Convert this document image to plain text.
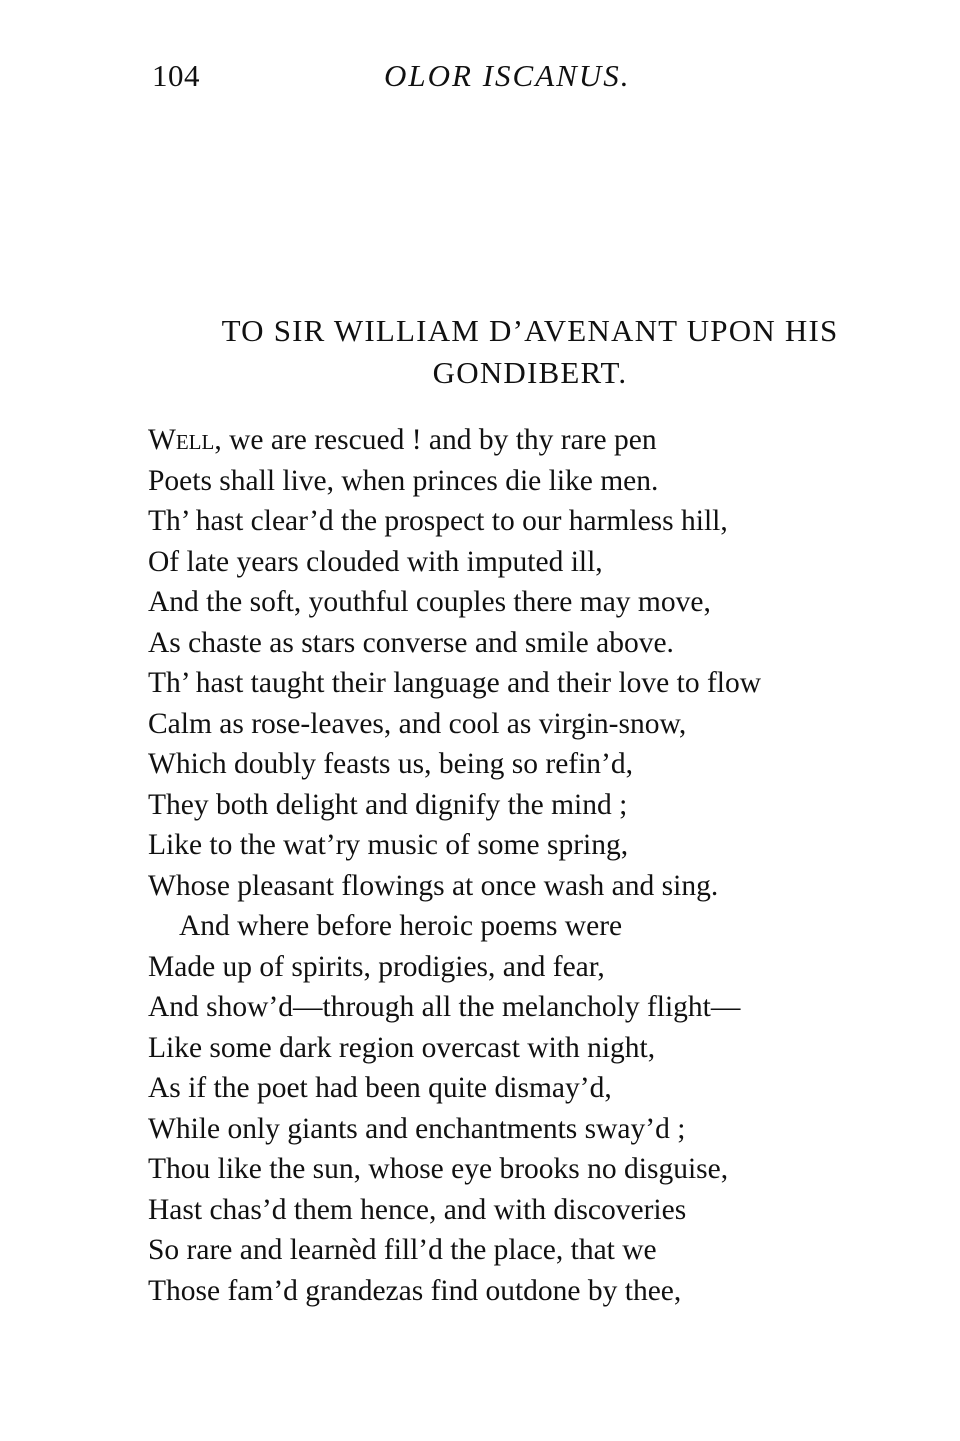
104	OLOR ISCANUS.
TO SIR WILLIAM D’AVENANT UPON HIS
GONDIBERT.
Well, we are rescued ! and by thy rare pen
Poets shall live, when princes die like men.
Th’ hast clear’d the prospect to our harmless hill,
Of late years clouded with imputed ill,
And the soft, youthful couples there may move,
As chaste as stars converse and smile above.
Th’ hast taught their language and their love to flow
Calm as rose-leaves, and cool as virgin-snow,
Which doubly feasts us, being so refin’d,
They both delight and dignify the mind ;
Like to the wat’ry music of some spring,
Whose pleasant flowings at once wash and sing.
And where before heroic poems were
Made up of spirits, prodigies, and fear,
And show’d—through all the melancholy flight—
Like some dark region overcast with night,
As if the poet had been quite dismay’d,
While only giants and enchantments sway’d ;
Thou like the sun, whose eye brooks no disguise,
Hast chas’d them hence, and with discoveries
So rare and learnèd fill’d the place, that we
Those fam’d grandezas find outdone by thee,
